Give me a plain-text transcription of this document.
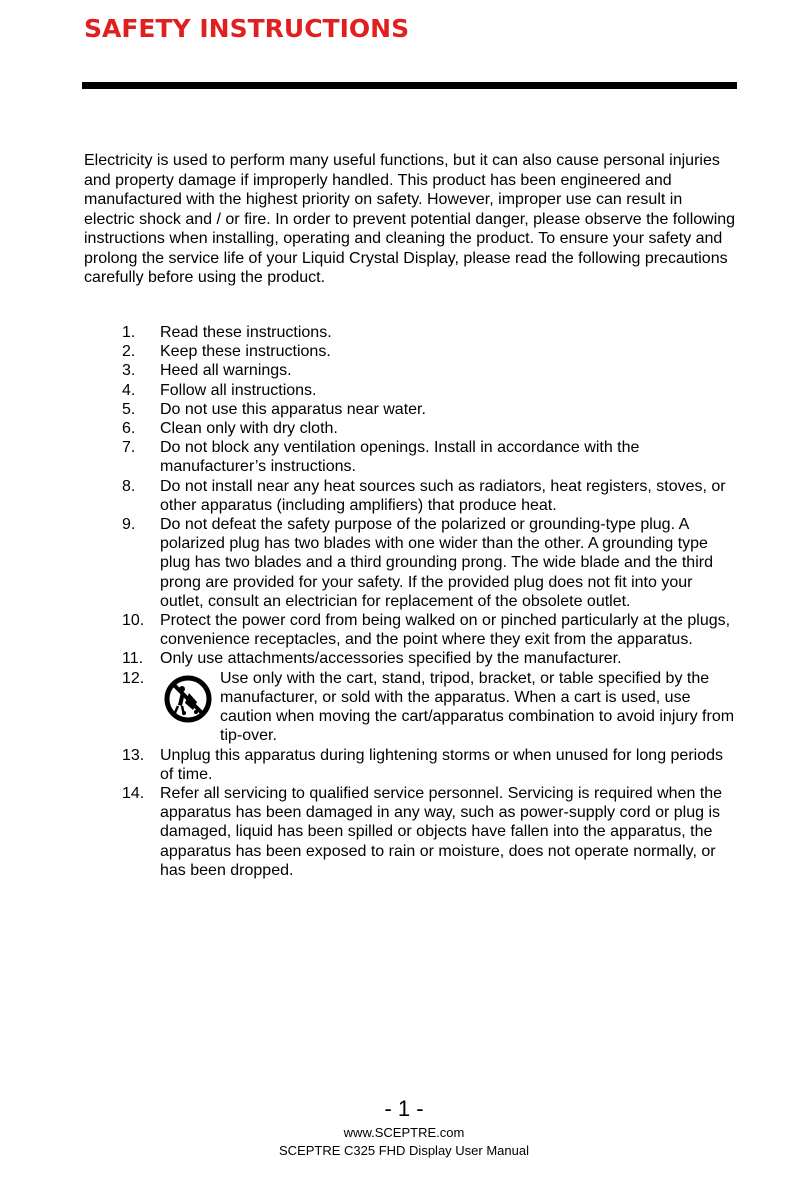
SAFETY INSTRUCTIONS

Electricity is used to perform many useful functions, but it can also cause personal injuries and property damage if improperly handled. This product has been engineered and manufactured with the highest priority on safety. However, improper use can result in electric shock and / or fire. In order to prevent potential danger, please observe the following instructions when installing, operating and cleaning the product. To ensure your safety and prolong the service life of your Liquid Crystal Display, please read the following precautions carefully before using the product.

1. Read these instructions.
2. Keep these instructions.
3. Heed all warnings.
4. Follow all instructions.
5. Do not use this apparatus near water.
6. Clean only with dry cloth.
7. Do not block any ventilation openings. Install in accordance with the manufacturer’s instructions.
8. Do not install near any heat sources such as radiators, heat registers, stoves, or other apparatus (including amplifiers) that produce heat.
9. Do not defeat the safety purpose of the polarized or grounding-type plug. A polarized plug has two blades with one wider than the other. A grounding type plug has two blades and a third grounding prong. The wide blade and the third prong are provided for your safety. If the provided plug does not fit into your outlet, consult an electrician for replacement of the obsolete outlet.
10. Protect the power cord from being walked on or pinched particularly at the plugs, convenience receptacles, and the point where they exit from the apparatus.
11. Only use attachments/accessories specified by the manufacturer.
12.	Use only with the cart, stand, tripod, bracket, or table specified by the manufacturer, or sold with the apparatus. When a cart is used, use caution when moving the cart/apparatus combination to avoid injury from tip-over.
13. Unplug this apparatus during lightening storms or when unused for long periods of time.
14. Refer all servicing to qualified service personnel. Servicing is required when the apparatus has been damaged in any way, such as power-supply cord or plug is damaged, liquid has been spilled or objects have fallen into the apparatus, the apparatus has been exposed to rain or moisture, does not operate normally, or has been dropped.
- 1 -
www.SCEPTRE.com
SCEPTRE C325 FHD Display User Manual
